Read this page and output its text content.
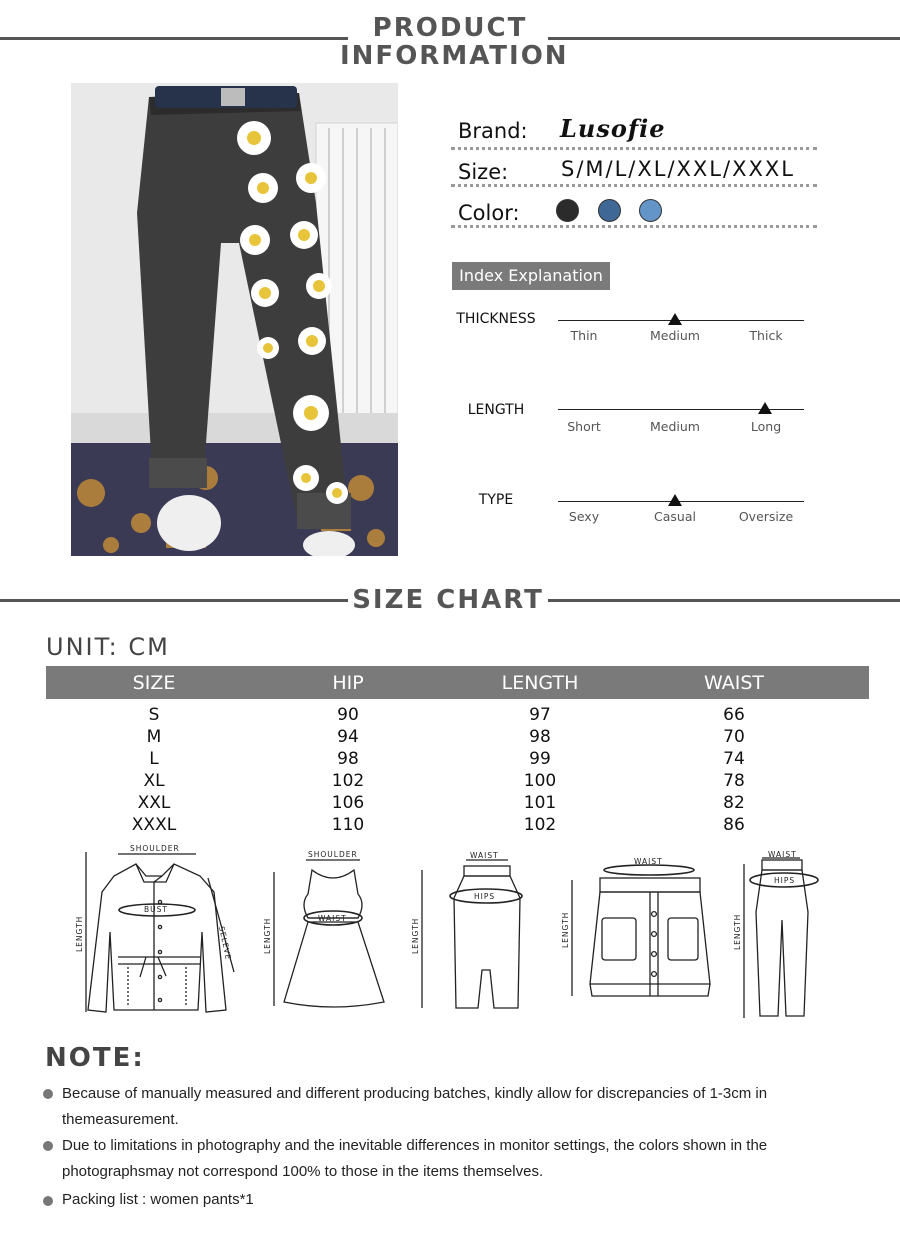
PRODUCT
INFORMATION
Brand: Lusofie
Size:	S/M/L/XL/XXL/XXXL
Color:
Index Explanation
THICKNESS
Thin	Medium	Thick
LENGTH
Short	Medium	Long
TYPE
Sexy	Casual	Oversize
SIZE CHART
UNIT: CM
SIZE	HIP	LENGTH	WAIST
S	90	97	66
M	94	98	70
L	98	99	74
XL	102	100	78
XXL	106	101	82
XXXL	110	102	86
SHOULDER
LENGTH
BUST
SELEVE
SHOULDER
LENGTH	WAIST
WAIST
LENGTH
HIPS
WAIST
LENGTH
WAIST
LENGTH
HIPS
NOTE:
Because of manually measured and different producing batches, kindly allow for discrepancies of 1-3cm in themeasurement.
Due to limitations in photography and the inevitable differences in monitor settings, the colors shown in the photographsmay not correspond 100% to those in the items themselves.
Packing list : women pants*1
